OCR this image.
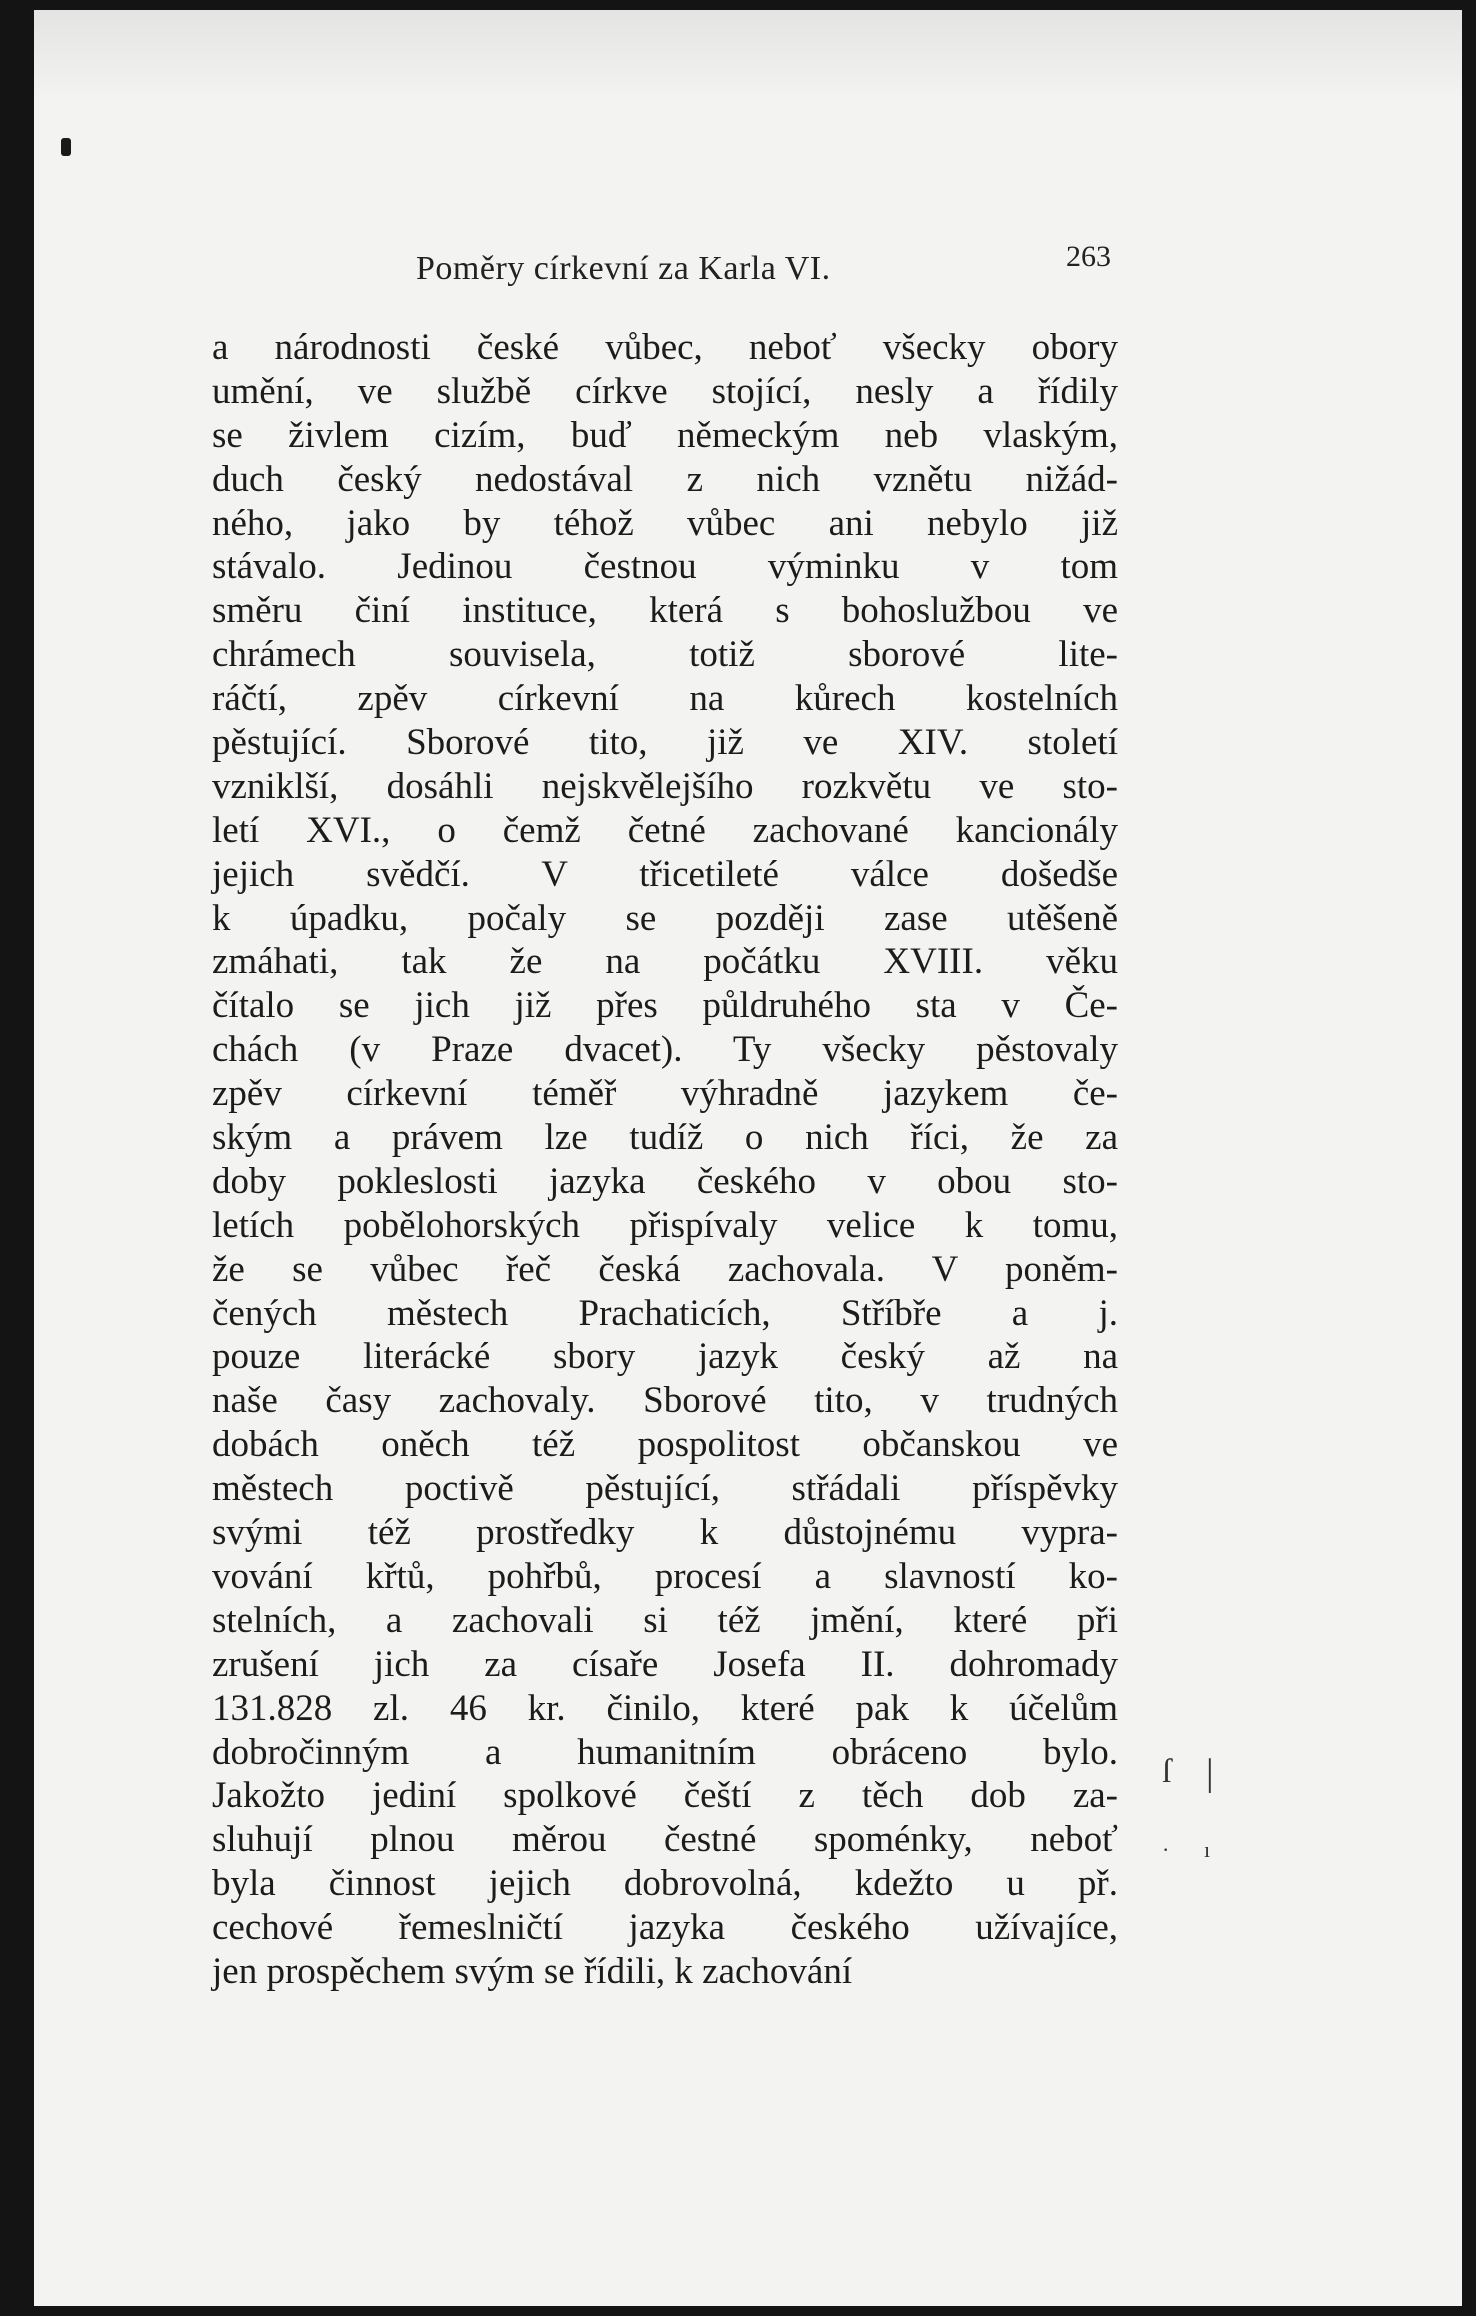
Poměry církevní za Karla VI.	263
a národnosti české vůbec, neboť všecky obory
umění, ve službě církve stojící, nesly a řídily
se živlem cizím, buď německým neb vlaským,
duch český nedostával z nich vznětu nižád-
ného, jako by téhož vůbec ani nebylo již
stávalo. Jedinou čestnou výminku v tom
směru činí instituce, která s bohoslužbou ve
chrámech souvisela, totiž sborové lite-
ráčtí, zpěv církevní na kůrech kostelních
pěstující. Sborové tito, již ve XIV. století
vzniklší, dosáhli nejskvělejšího rozkvětu ve sto-
letí XVI., o čemž četné zachované kancionály
jejich svědčí. V třicetileté válce došedše
k úpadku, počaly se později zase utěšeně
zmáhati, tak že na počátku XVIII. věku
čítalo se jich již přes půldruhého sta v Če-
chách (v Praze dvacet). Ty všecky pěstovaly
zpěv církevní téměř výhradně jazykem če-
ským a právem lze tudíž o nich říci, že za
doby pokleslosti jazyka českého v obou sto-
letích pobělohorských přispívaly velice k tomu,
že se vůbec řeč česká zachovala. V poněm-
čených městech Prachaticích, Stříbře a j.
pouze literácké sbory jazyk český až na
naše časy zachovaly. Sborové tito, v trudných
dobách oněch též pospolitost občanskou ve
městech poctivě pěstující, střádali příspěvky
svými též prostředky k důstojnému vypra-
vování křtů, pohřbů, procesí a slavností ko-
stelních, a zachovali si též jmění, které při
zrušení jich za císaře Josefa II. dohromady
131.828 zl. 46 kr. činilo, které pak k účelům
dobročinným a humanitním obráceno bylo.
Jakožto jediní spolkové čeští z těch dob za-
sluhují plnou měrou čestné spoménky, neboť
byla činnost jejich dobrovolná, kdežto u př.
cechové řemeslničtí jazyka českého užívajíce,
jen prospěchem svým se řídili, k zachování
ſ |
· ı
